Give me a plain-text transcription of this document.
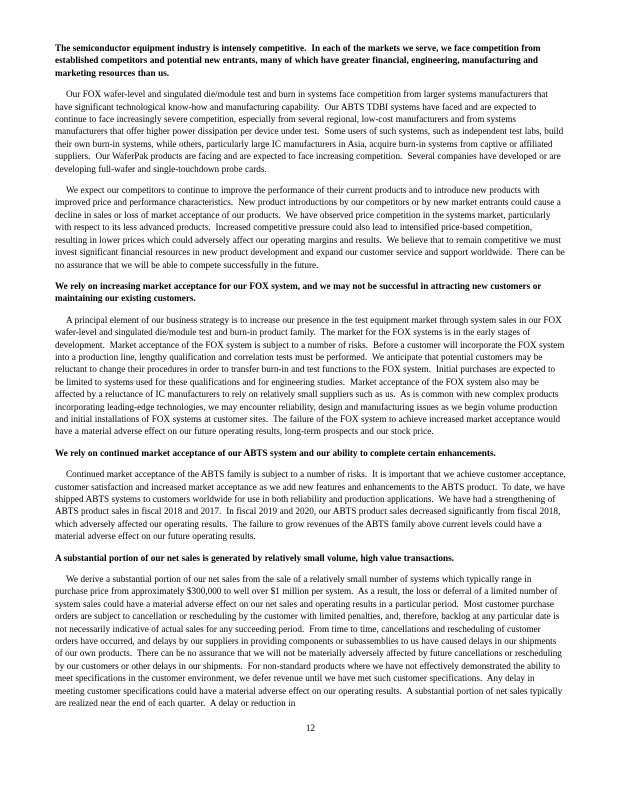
The semiconductor equipment industry is intensely competitive.  In each of the markets we serve, we face competition from established competitors and potential new entrants, many of which have greater financial, engineering, manufacturing and marketing resources than us.

Our FOX wafer-level and singulated die/module test and burn in systems face competition from larger systems manufacturers that have significant technological know-how and manufacturing capability.  Our ABTS TDBI systems have faced and are expected to continue to face increasingly severe competition, especially from several regional, low-cost manufacturers and from systems manufacturers that offer higher power dissipation per device under test.  Some users of such systems, such as independent test labs, build their own burn-in systems, while others, particularly large IC manufacturers in Asia, acquire burn-in systems from captive or affiliated suppliers.  Our WaferPak products are facing and are expected to face increasing competition.  Several companies have developed or are developing full-wafer and single-touchdown probe cards.

We expect our competitors to continue to improve the performance of their current products and to introduce new products with improved price and performance characteristics.  New product introductions by our competitors or by new market entrants could cause a decline in sales or loss of market acceptance of our products.  We have observed price competition in the systems market, particularly with respect to its less advanced products.  Increased competitive pressure could also lead to intensified price-based competition, resulting in lower prices which could adversely affect our operating margins and results.  We believe that to remain competitive we must invest significant financial resources in new product development and expand our customer service and support worldwide.  There can be no assurance that we will be able to compete successfully in the future.

We rely on increasing market acceptance for our FOX system, and we may not be successful in attracting new customers or maintaining our existing customers.

A principal element of our business strategy is to increase our presence in the test equipment market through system sales in our FOX wafer-level and singulated die/module test and burn-in product family.  The market for the FOX systems is in the early stages of development.  Market acceptance of the FOX system is subject to a number of risks.  Before a customer will incorporate the FOX system into a production line, lengthy qualification and correlation tests must be performed.  We anticipate that potential customers may be reluctant to change their procedures in order to transfer burn-in and test functions to the FOX system.  Initial purchases are expected to be limited to systems used for these qualifications and for engineering studies.  Market acceptance of the FOX system also may be affected by a reluctance of IC manufacturers to rely on relatively small suppliers such as us.  As is common with new complex products incorporating leading-edge technologies, we may encounter reliability, design and manufacturing issues as we begin volume production and initial installations of FOX systems at customer sites.  The failure of the FOX system to achieve increased market acceptance would have a material adverse effect on our future operating results, long-term prospects and our stock price.

We rely on continued market acceptance of our ABTS system and our ability to complete certain enhancements.

Continued market acceptance of the ABTS family is subject to a number of risks.  It is important that we achieve customer acceptance, customer satisfaction and increased market acceptance as we add new features and enhancements to the ABTS product.  To date, we have shipped ABTS systems to customers worldwide for use in both reliability and production applications.  We have had a strengthening of ABTS product sales in fiscal 2018 and 2017.  In fiscal 2019 and 2020, our ABTS product sales decreased significantly from fiscal 2018, which adversely affected our operating results.  The failure to grow revenues of the ABTS family above current levels could have a material adverse effect on our future operating results.

A substantial portion of our net sales is generated by relatively small volume, high value transactions.

We derive a substantial portion of our net sales from the sale of a relatively small number of systems which typically range in purchase price from approximately $300,000 to well over $1 million per system.  As a result, the loss or deferral of a limited number of system sales could have a material adverse effect on our net sales and operating results in a particular period.  Most customer purchase orders are subject to cancellation or rescheduling by the customer with limited penalties, and, therefore, backlog at any particular date is not necessarily indicative of actual sales for any succeeding period.  From time to time, cancellations and rescheduling of customer orders have occurred, and delays by our suppliers in providing components or subassemblies to us have caused delays in our shipments of our own products.  There can be no assurance that we will not be materially adversely affected by future cancellations or rescheduling by our customers or other delays in our shipments.  For non-standard products where we have not effectively demonstrated the ability to meet specifications in the customer environment, we defer revenue until we have met such customer specifications.  Any delay in meeting customer specifications could have a material adverse effect on our operating results.  A substantial portion of net sales typically are realized near the end of each quarter.  A delay or reduction in

12
